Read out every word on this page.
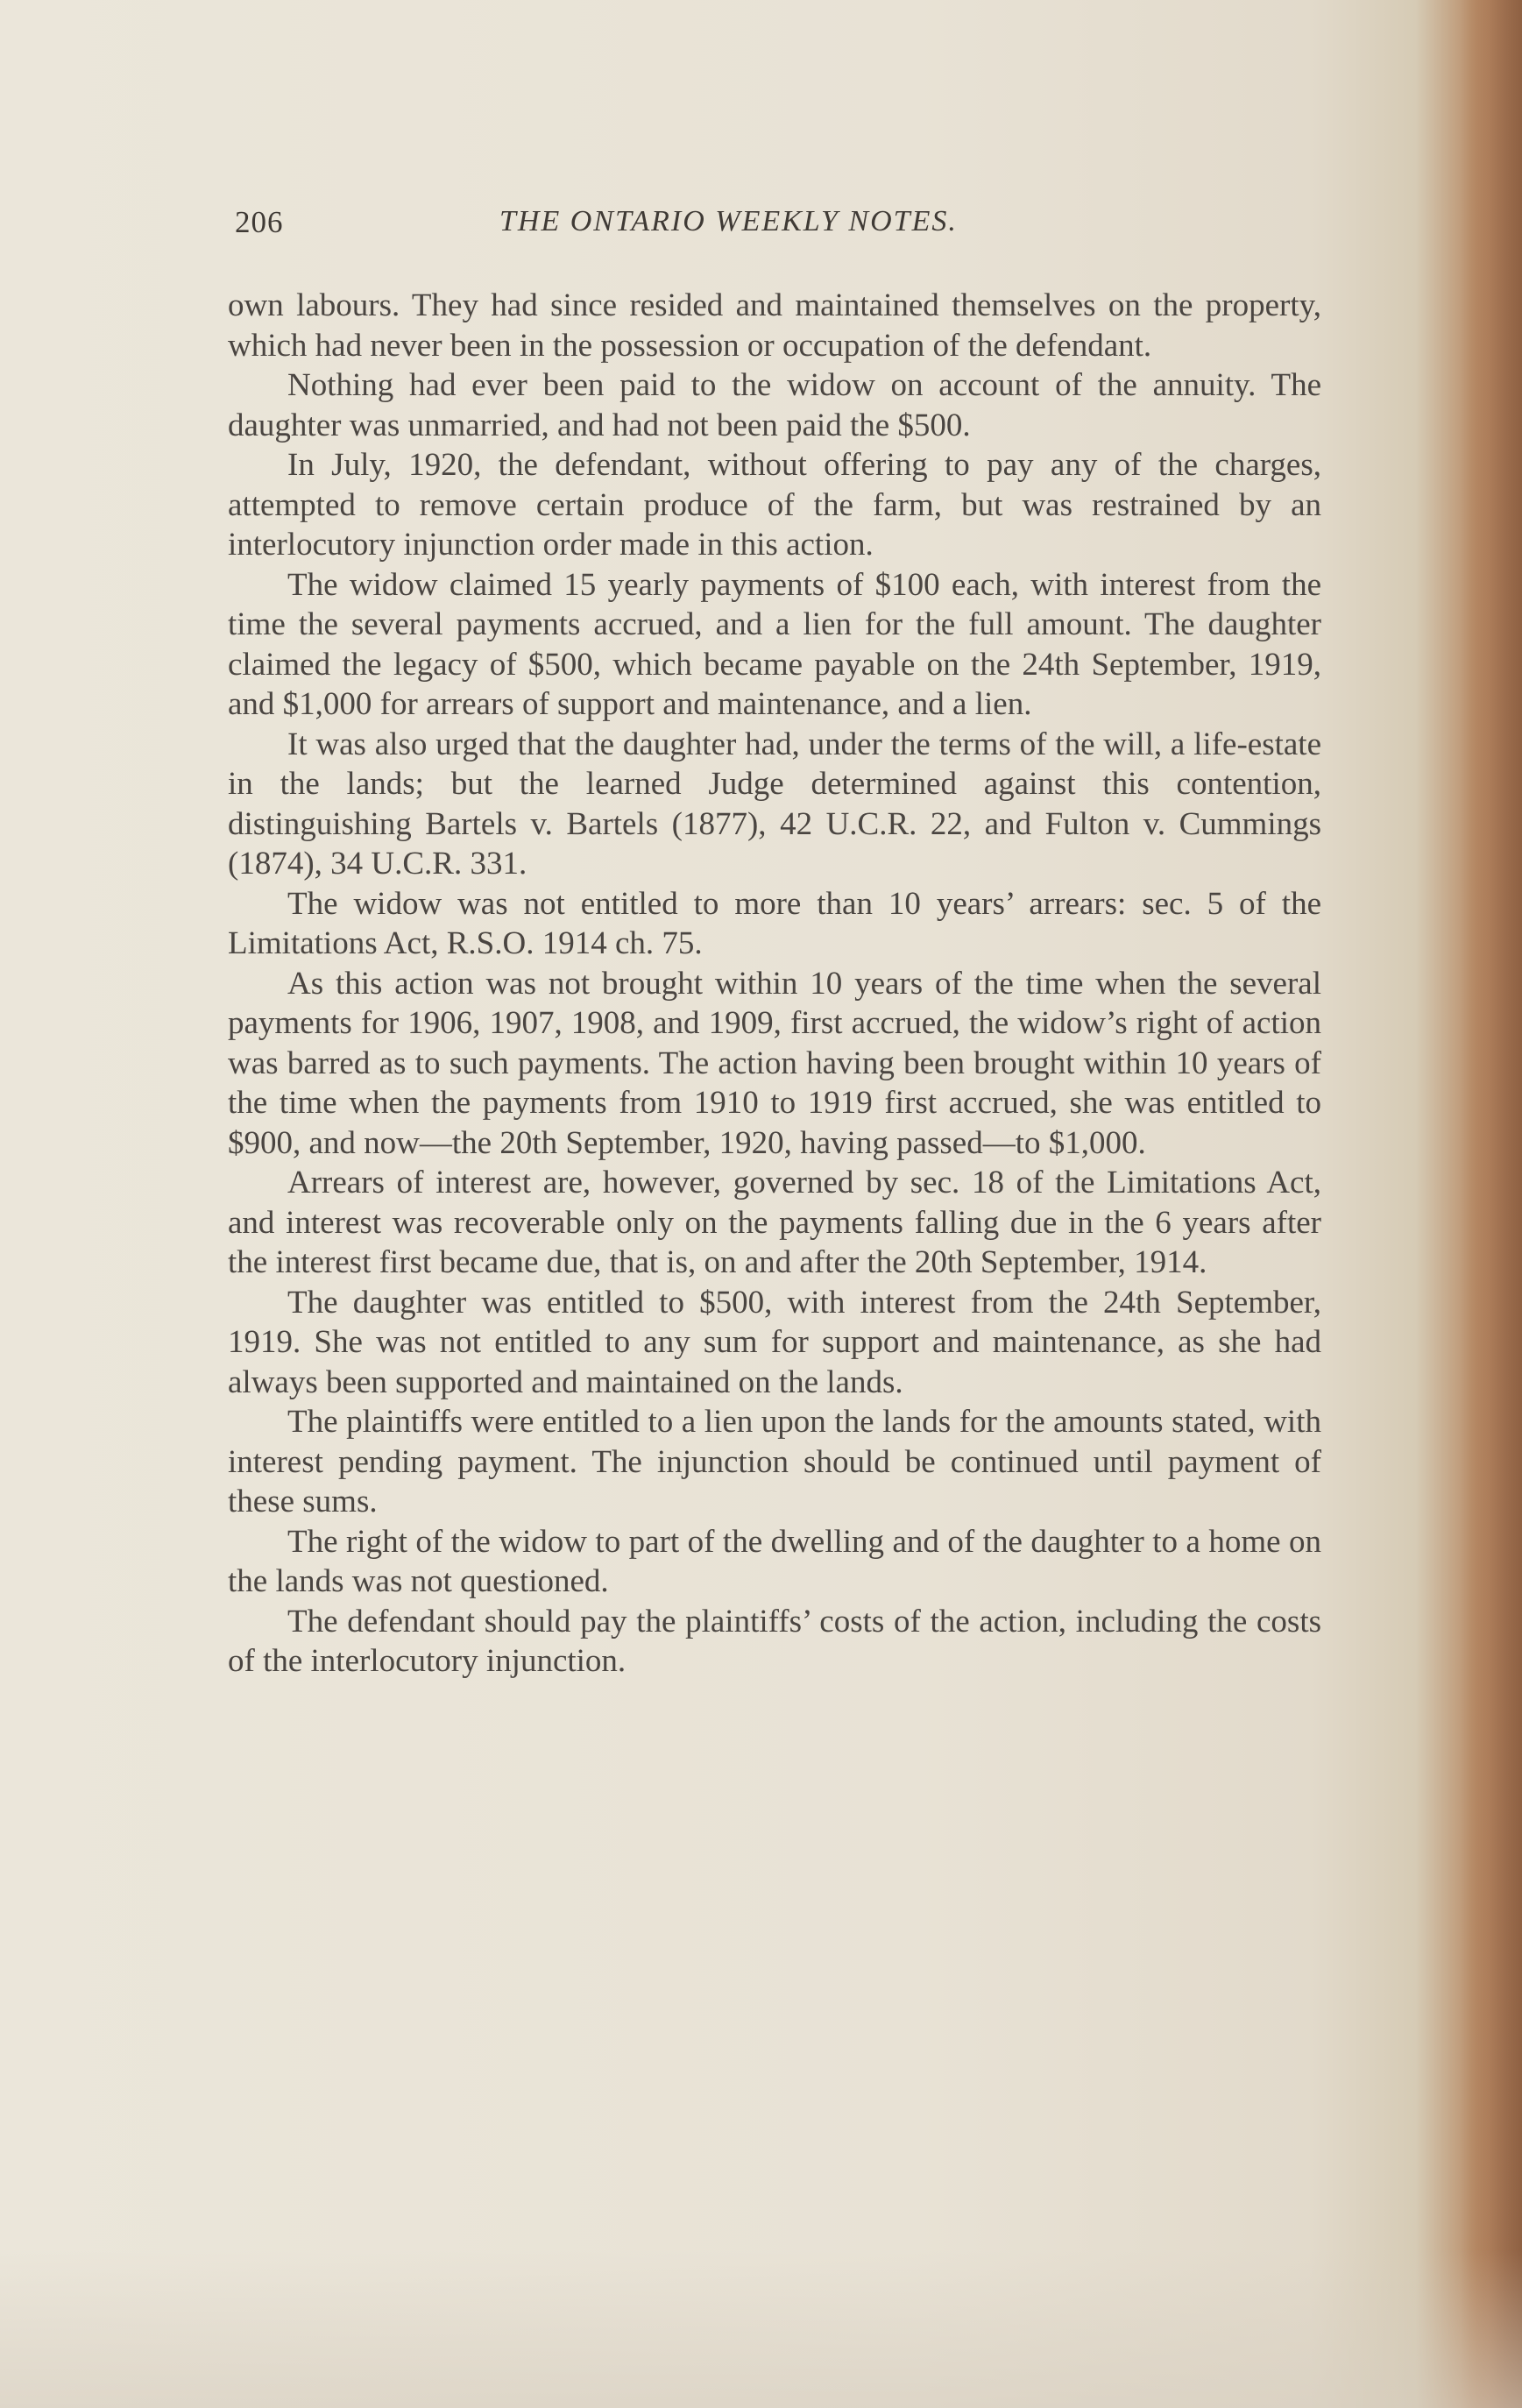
206	THE ONTARIO WEEKLY NOTES.

own labours. They had since resided and maintained themselves on the property, which had never been in the possession or occupation of the defendant.

Nothing had ever been paid to the widow on account of the annuity. The daughter was unmarried, and had not been paid the $500.

In July, 1920, the defendant, without offering to pay any of the charges, attempted to remove certain produce of the farm, but was restrained by an interlocutory injunction order made in this action.

The widow claimed 15 yearly payments of $100 each, with interest from the time the several payments accrued, and a lien for the full amount. The daughter claimed the legacy of $500, which became payable on the 24th September, 1919, and $1,000 for arrears of support and maintenance, and a lien.

It was also urged that the daughter had, under the terms of the will, a life-estate in the lands; but the learned Judge determined against this contention, distinguishing Bartels v. Bartels (1877), 42 U.C.R. 22, and Fulton v. Cummings (1874), 34 U.C.R. 331.

The widow was not entitled to more than 10 years’ arrears: sec. 5 of the Limitations Act, R.S.O. 1914 ch. 75.

As this action was not brought within 10 years of the time when the several payments for 1906, 1907, 1908, and 1909, first accrued, the widow’s right of action was barred as to such payments. The action having been brought within 10 years of the time when the payments from 1910 to 1919 first accrued, she was entitled to $900, and now—the 20th September, 1920, having passed—to $1,000.

Arrears of interest are, however, governed by sec. 18 of the Limitations Act, and interest was recoverable only on the payments falling due in the 6 years after the interest first became due, that is, on and after the 20th September, 1914.

The daughter was entitled to $500, with interest from the 24th September, 1919. She was not entitled to any sum for support and maintenance, as she had always been supported and maintained on the lands.

The plaintiffs were entitled to a lien upon the lands for the amounts stated, with interest pending payment. The injunction should be continued until payment of these sums.

The right of the widow to part of the dwelling and of the daughter to a home on the lands was not questioned.

The defendant should pay the plaintiffs’ costs of the action, including the costs of the interlocutory injunction.
